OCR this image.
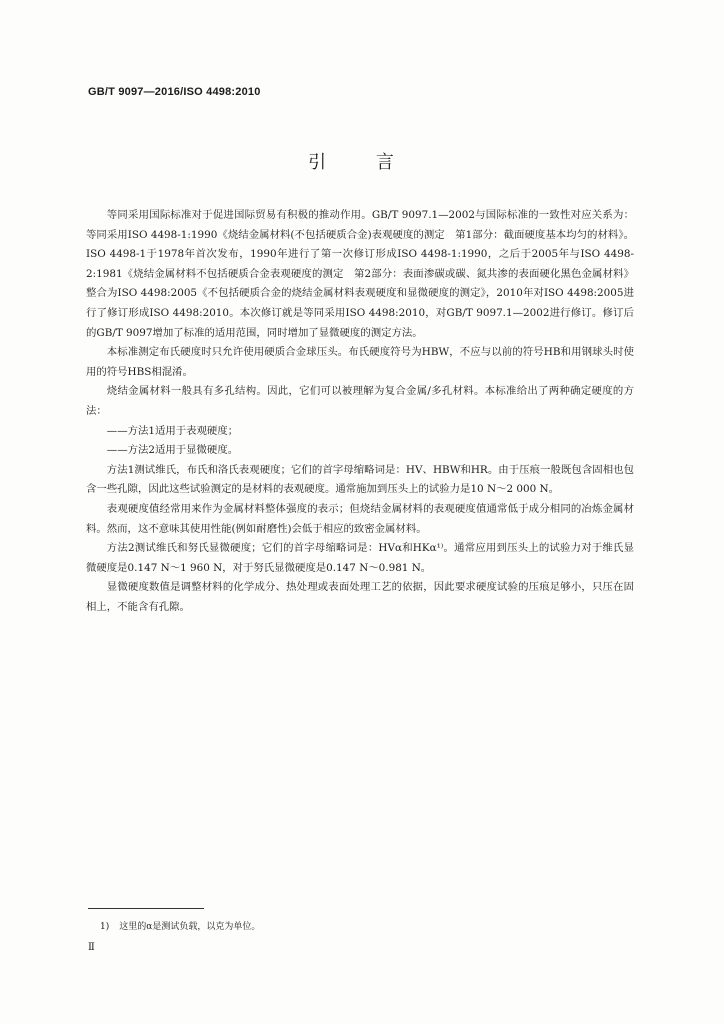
GB/T 9097—2016/ISO 4498:2010
引 言

等同采用国际标准对于促进国际贸易有积极的推动作用。GB/T 9097.1—2002与国际标准的一致性对应关系为：等同采用ISO 4498-1:1990《烧结金属材料(不包括硬质合金)表观硬度的测定　第1部分：截面硬度基本均匀的材料》。ISO 4498-1于1978年首次发布，1990年进行了第一次修订形成ISO 4498-1:1990，之后于2005年与ISO 4498-2:1981《烧结金属材料不包括硬质合金表观硬度的测定　第2部分：表面渗碳或碳、氮共渗的表面硬化黑色金属材料》整合为ISO 4498:2005《不包括硬质合金的烧结金属材料表观硬度和显微硬度的测定》，2010年对ISO 4498:2005进行了修订形成ISO 4498:2010。本次修订就是等同采用ISO 4498:2010，对GB/T 9097.1—2002进行修订。修订后的GB/T 9097增加了标准的适用范围，同时增加了显微硬度的测定方法。

本标准测定布氏硬度时只允许使用硬质合金球压头。布氏硬度符号为HBW，不应与以前的符号HB和用钢球头时使用的符号HBS相混淆。

烧结金属材料一般具有多孔结构。因此，它们可以被理解为复合金属/多孔材料。本标准给出了两种确定硬度的方法：

——方法1适用于表观硬度；

——方法2适用于显微硬度。

方法1测试维氏，布氏和洛氏表观硬度；它们的首字母缩略词是：HV、HBW和HR。由于压痕一般既包含固相也包含一些孔隙，因此这些试验测定的是材料的表观硬度。通常施加到压头上的试验力是10 N～2 000 N。

表观硬度值经常用来作为金属材料整体强度的表示；但烧结金属材料的表观硬度值通常低于成分相同的冶炼金属材料。然而，这不意味其使用性能(例如耐磨性)会低于相应的致密金属材料。

方法2测试维氏和努氏显微硬度；它们的首字母缩略词是：HVα和HKα¹⁾。通常应用到压头上的试验力对于维氏显微硬度是0.147 N～1 960 N，对于努氏显微硬度是0.147 N～0.981 N。

显微硬度数值是调整材料的化学成分、热处理或表面处理工艺的依据，因此要求硬度试验的压痕足够小，只压在固相上，不能含有孔隙。

1) 这里的α是测试负载，以克为单位。
Ⅱ
